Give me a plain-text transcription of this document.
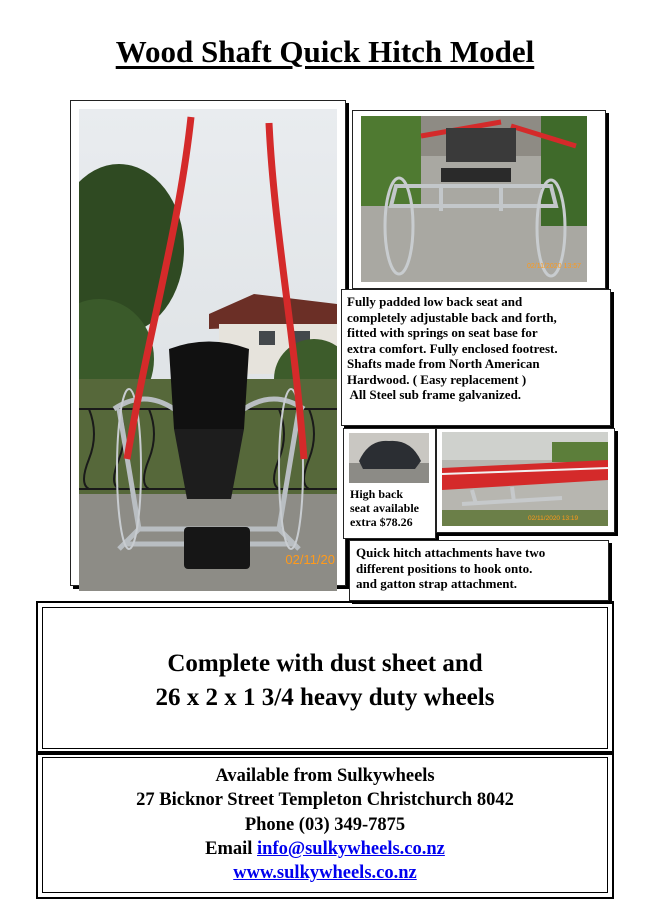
Wood Shaft Quick Hitch Model
02/11/20
02/11/2020 13:57
Fully padded low back seat and
completely adjustable back and forth,
fitted with springs on seat base for
extra comfort. Fully enclosed footrest.
Shafts made from North American
Hardwood. ( Easy replacement )
All Steel sub frame galvanized.
High back
seat available
extra $78.26	02/11/2020 13:19
Quick hitch attachments have two
different positions to hook onto.
and gatton strap attachment.
Complete with dust sheet and
26 x 2 x 1 3/4 heavy duty wheels
Available from Sulkywheels
27 Bicknor Street Templeton Christchurch 8042
Phone (03) 349-7875
Email info@sulkywheels.co.nz
www.sulkywheels.co.nz
